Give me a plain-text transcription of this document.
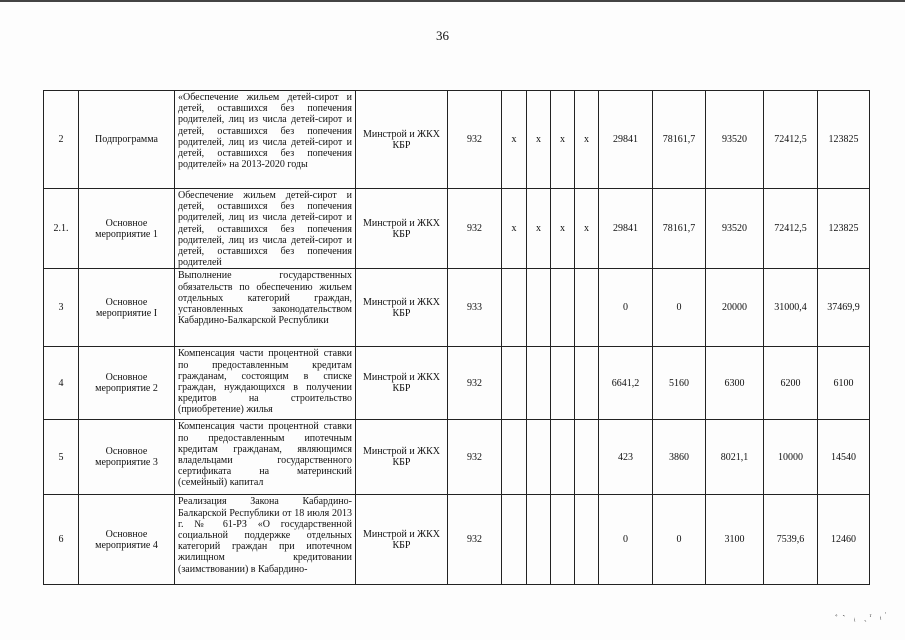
36
2	Подпрограмма	«Обеспечение жильем детей-сирот и детей, оставшихся без попечения родителей, лиц из числа детей-сирот и детей, оставшихся без попечения родителей, лиц из числа детей-сирот и детей, оставшихся без попечения родителей» на 2013-2020 годы	Минстрой и ЖКХ КБР	932	х	х	х	х	29841	78161,7	93520	72412,5	123825
2.1.	Основное мероприятие 1	Обеспечение жильем детей-сирот и детей, оставшихся без попечения родителей, лиц из числа детей-сирот и детей, оставшихся без попечения родителей, лиц из числа детей-сирот и детей, оставшихся без попечения родителей	Минстрой и ЖКХ КБР	932	х	х	х	х	29841	78161,7	93520	72412,5	123825
3	Основное мероприятие I	Выполнение государственных обязательств по обеспечению жильем отдельных категорий граждан, установленных законодательством Кабардино-Балкарской Республики	Минстрой и ЖКХ КБР	933					0	0	20000	31000,4	37469,9
4	Основное мероприятие 2	Компенсация части процентной ставки по предоставленным кредитам гражданам, состоящим в списке граждан, нуждающихся в получении кредитов на строительство (приобретение) жилья	Минстрой и ЖКХ КБР	932					6641,2	5160	6300	6200	6100
5	Основное мероприятие 3	Компенсация части процентной ставки по предоставленным ипотечным кредитам гражданам, являющимся владельцами государственного сертификата на материнский (семейный) капитал	Минстрой и ЖКХ КБР	932					423	3860	8021,1	10000	14540
6	Основное мероприятие 4	Реализация Закона Кабардино-Балкарской Республики от 18 июля 2013 г. № 61-РЗ «О государственной социальной поддержке отдельных категорий граждан при ипотечном жилищном кредитовании (заимствовании) в Кабардино-	Минстрой и ЖКХ КБР	932					0	0	3100	7539,6	12460
ﾞ` ᵢ ˏʳ ᵢ˙
